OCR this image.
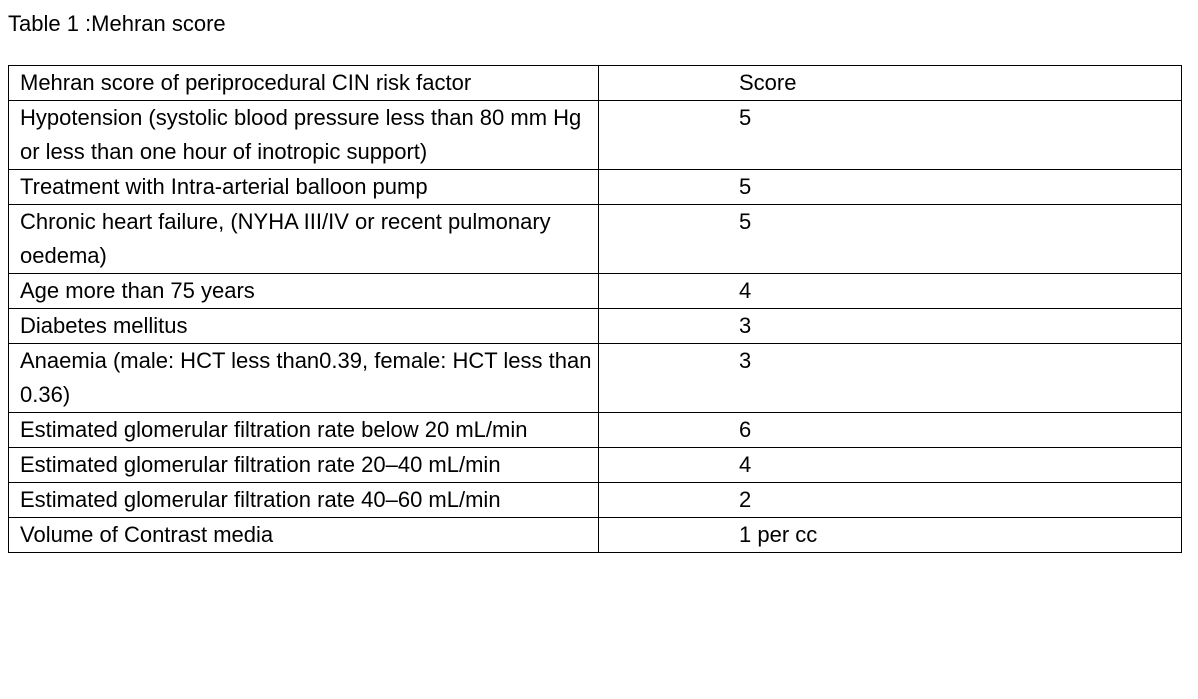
Table 1 :Mehran score
Mehran score of periprocedural CIN risk factor	Score

Hypotension (systolic blood pressure less than 80 mm Hg or less than one hour of inotropic support)	5

Treatment with Intra-arterial balloon pump	5

Chronic heart failure, (NYHA III/IV or recent pulmonary oedema)	5

Age more than 75 years	4

Diabetes mellitus	3

Anaemia (male: HCT less than0.39, female: HCT less than 0.36)	3

Estimated glomerular filtration rate below 20 mL/min	6

Estimated glomerular filtration rate 20–40 mL/min	4

Estimated glomerular filtration rate 40–60 mL/min	2

Volume of Contrast media	1 per cc
